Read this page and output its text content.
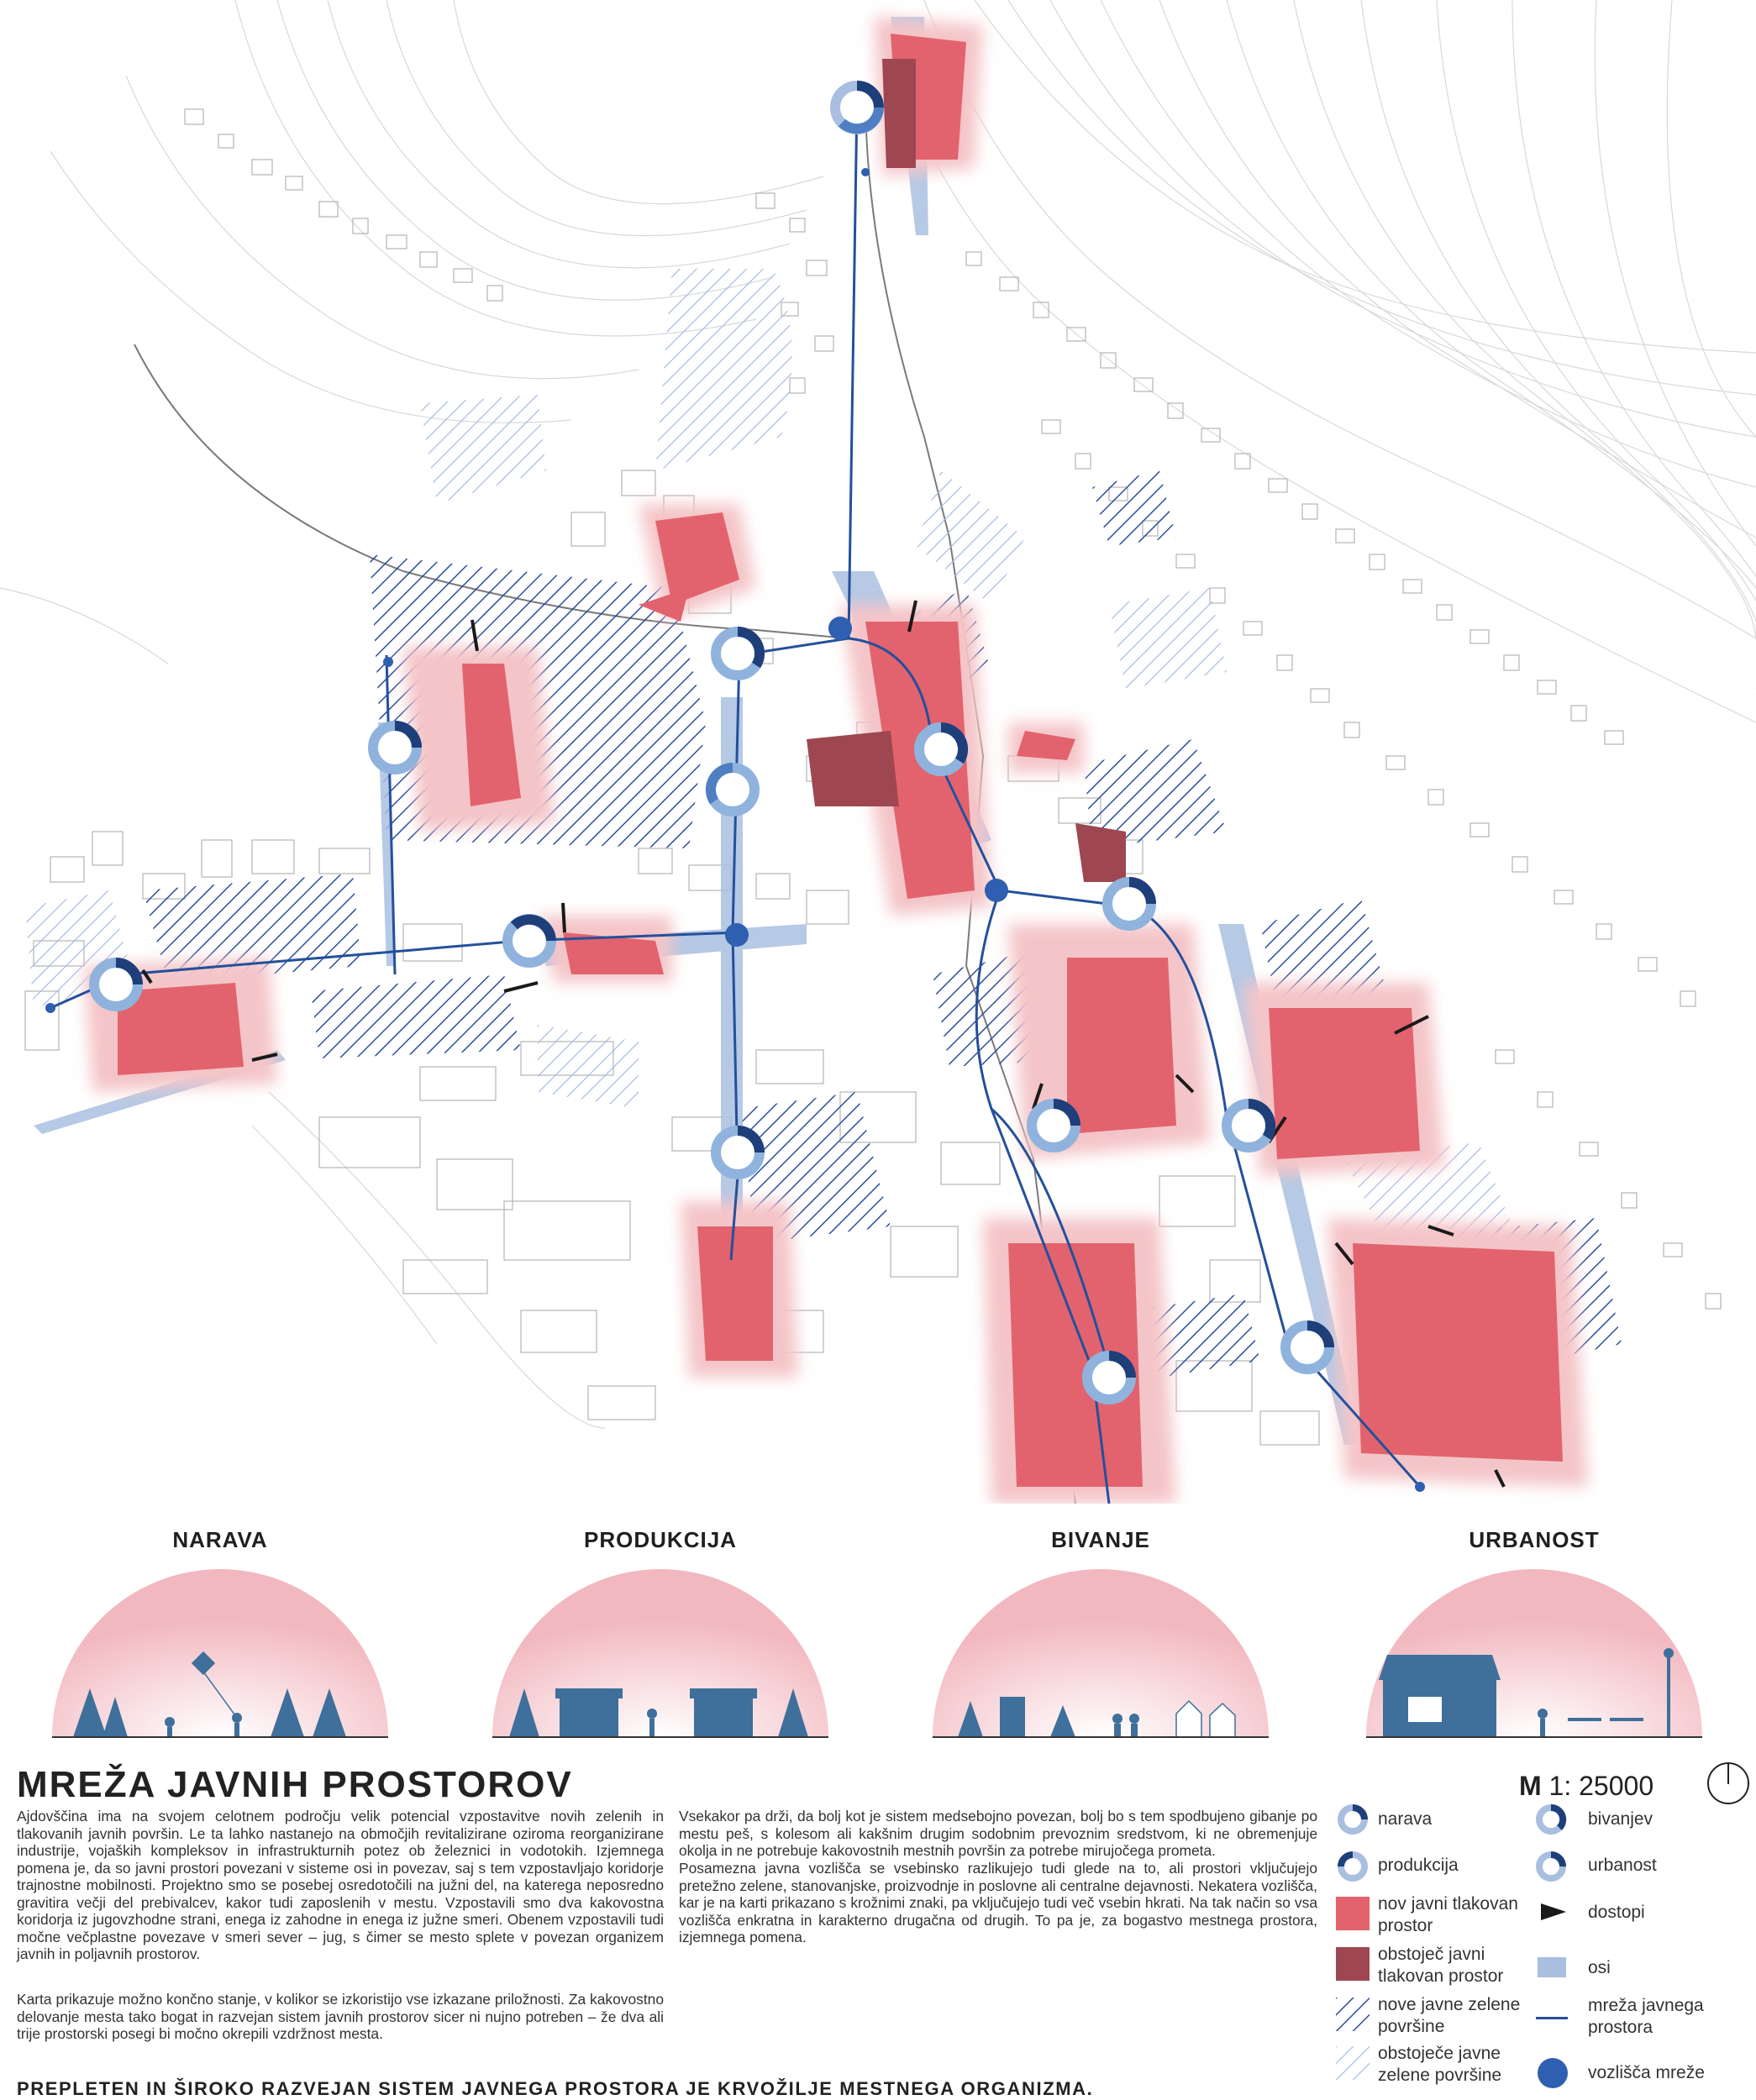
NARAVA	PRODUKCIJA	BIVANJE	URBANOST
MREŽA JAVNIH PROSTOROV	M 1: 25000
Ajdovščina ima na svojem celotnem področju velik potencial vzpostavitve novih zelenih in tlakovanih javnih površin. Le ta lahko nastanejo na območjih revitalizirane oziroma reorganizirane industrije, vojaških kompleksov in infrastrukturnih potez ob železnici in vodotokih. Izjemnega pomena je, da so javni prostori povezani v sisteme osi in povezav, saj s tem vzpostavljajo koridorje trajnostne mobilnosti. Projektno smo se posebej osredotočili na južni del, na katerega neposredno gravitira večji del prebivalcev, kakor tudi zaposlenih v mestu. Vzpostavili smo dva kakovostna koridorja iz jugovzhodne strani, enega iz zahodne in enega iz južne smeri. Obenem vzpostavili tudi močne večplastne povezave v smeri sever – jug, s čimer se mesto splete v povezan organizem javnih in poljavnih prostorov.
Karta prikazuje možno končno stanje, v kolikor se izkoristijo vse izkazane priložnosti. Za kakovostno delovanje mesta tako bogat in razvejan sistem javnih prostorov sicer ni nujno potreben – že dva ali trije prostorski posegi bi močno okrepili vzdržnost mesta.
Vsekakor pa drži, da bolj kot je sistem medsebojno povezan, bolj bo s tem spodbujeno gibanje po mestu peš, s kolesom ali kakšnim drugim sodobnim prevoznim sredstvom, ki ne obremenjuje okolja in ne potrebuje kakovostnih mestnih površin za potrebe mirujočega prometa.
Posamezna javna vozlišča se vsebinsko razlikujejo tudi glede na to, ali prostori vključujejo pretežno zelene, stanovanjske, proizvodnje in poslovne ali centralne dejavnosti. Nekatera vozlišča, kar je na karti prikazano s krožnimi znaki, pa vključujejo tudi več vsebin hkrati. Na tak način so vsa vozlišča enkratna in karakterno drugačna od drugih. To pa je, za bogastvo mestnega prostora, izjemnega pomena.
PREPLETEN IN ŠIROKO RAZVEJAN SISTEM JAVNEGA PROSTORA JE KRVOŽILJE MESTNEGA ORGANIZMA.
narava
produkcija
nov javni tlakovan prostor
obstoječ javni tlakovan prostor
nove javne zelene površine
obstoječe javne zelene površine
bivanjev
urbanost
dostopi
osi
mreža javnega prostora
vozlišča mreže
